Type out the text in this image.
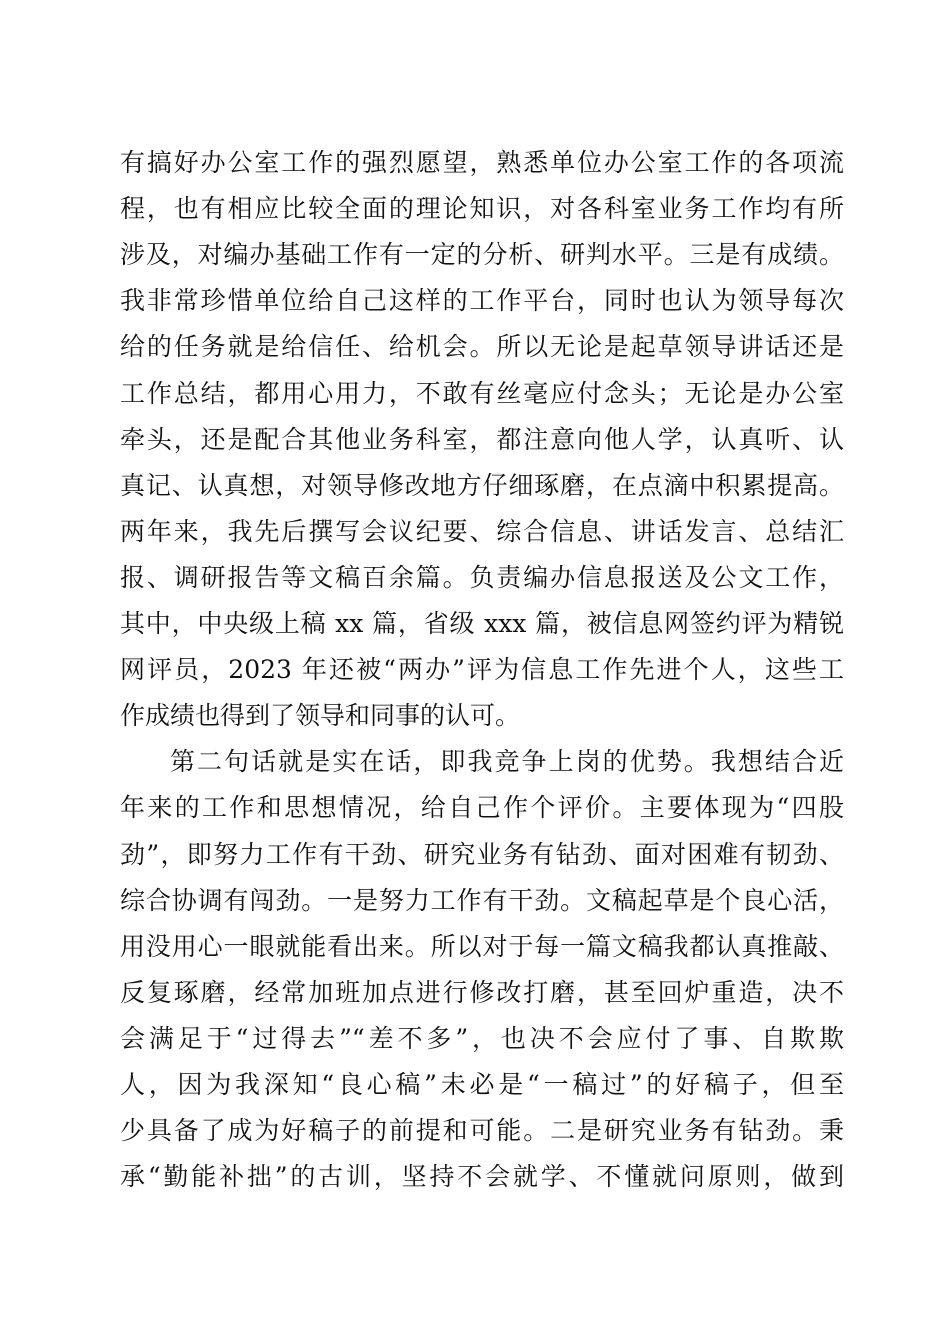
有搞好办公室工作的强烈愿望，熟悉单位办公室工作的各项流
程，也有相应比较全面的理论知识，对各科室业务工作均有所
涉及，对编办基础工作有一定的分析、研判水平。三是有成绩。
我非常珍惜单位给自己这样的工作平台，同时也认为领导每次
给的任务就是给信任、给机会。所以无论是起草领导讲话还是
工作总结，都用心用力，不敢有丝毫应付念头；无论是办公室
牵头，还是配合其他业务科室，都注意向他人学，认真听、认
真记、认真想，对领导修改地方仔细琢磨，在点滴中积累提高。
两年来，我先后撰写会议纪要、综合信息、讲话发言、总结汇
报、调研报告等文稿百余篇。负责编办信息报送及公文工作，
其中，中央级上稿 xx 篇，省级 xxx 篇，被信息网签约评为精锐
网评员，2023 年还被“两办”评为信息工作先进个人，这些工
作成绩也得到了领导和同事的认可。
第二句话就是实在话，即我竞争上岗的优势。我想结合近
年来的工作和思想情况，给自己作个评价。主要体现为“四股
劲”，即努力工作有干劲、研究业务有钻劲、面对困难有韧劲、
综合协调有闯劲。一是努力工作有干劲。文稿起草是个良心活，
用没用心一眼就能看出来。所以对于每一篇文稿我都认真推敲、
反复琢磨，经常加班加点进行修改打磨，甚至回炉重造，决不
会满足于“过得去”“差不多”，也决不会应付了事、自欺欺
人，因为我深知“良心稿”未必是“一稿过”的好稿子，但至
少具备了成为好稿子的前提和可能。二是研究业务有钻劲。秉
承“勤能补拙”的古训，坚持不会就学、不懂就问原则，做到
